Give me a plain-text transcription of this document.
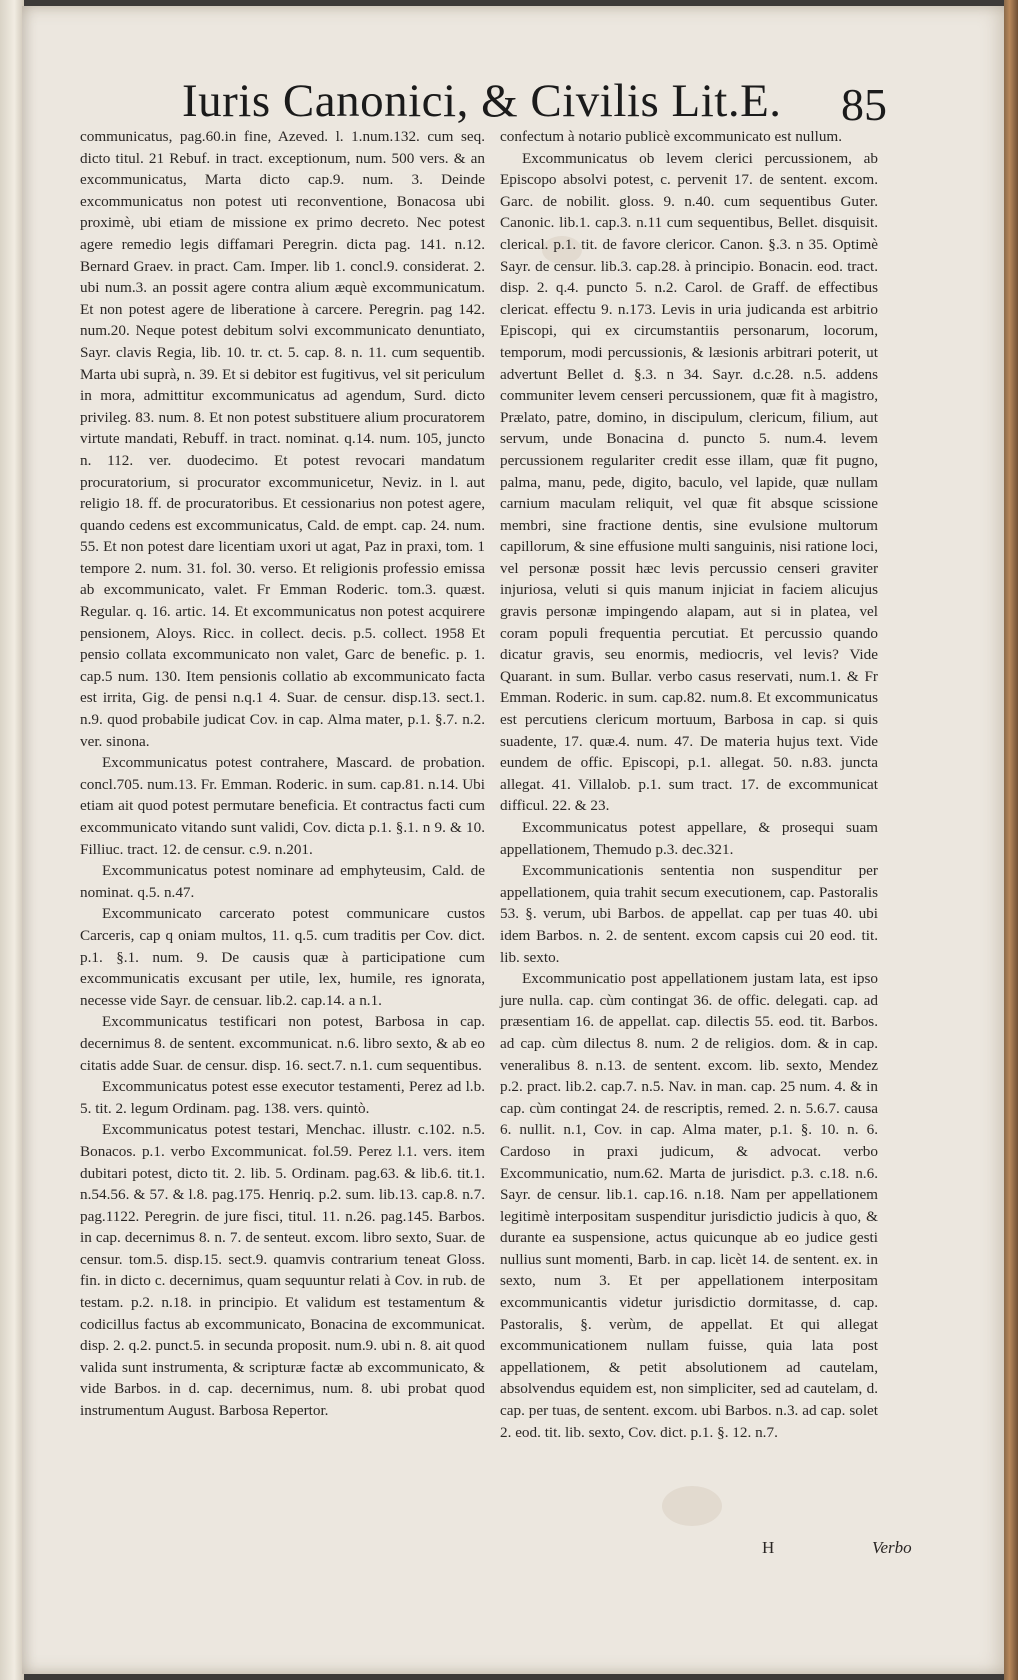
Iuris Canonici, & Civilis Lit.E. 85

communicatus, pag.60.in fine, Azeved. l. 1.num.132. cum seq. dicto titul. 21 Rebuf. in tract. exceptionum, num. 500 vers. & an excommunicatus, Marta dicto cap.9. num. 3. Deinde excommunicatus non potest uti reconventione, Bonacosa ubi proximè, ubi etiam de missione ex primo decreto. Nec potest agere remedio legis diffamari Peregrin. dicta pag. 141. n.12. Bernard Graev. in pract. Cam. Imper. lib 1. concl.9. considerat. 2. ubi num.3. an possit agere contra alium æquè excommunicatum. Et non potest agere de liberatione à carcere. Peregrin. pag 142. num.20. Neque potest debitum solvi excommunicato denuntiato, Sayr. clavis Regia, lib. 10. tr. ct. 5. cap. 8. n. 11. cum sequentib. Marta ubi suprà, n. 39. Et si debitor est fugitivus, vel sit periculum in mora, admittitur excommunicatus ad agendum, Surd. dicto privileg. 83. num. 8. Et non potest substituere alium procuratorem virtute mandati, Rebuff. in tract. nominat. q.14. num. 105, juncto n. 112. ver. duodecimo. Et potest revocari mandatum procuratorium, si procurator excommunicetur, Neviz. in l. aut religio 18. ff. de procuratoribus. Et cessionarius non potest agere, quando cedens est excommunicatus, Cald. de empt. cap. 24. num. 55. Et non potest dare licentiam uxori ut agat, Paz in praxi, tom. 1 tempore 2. num. 31. fol. 30. verso. Et religionis professio emissa ab excommunicato, valet. Fr Emman Roderic. tom.3. quæst. Regular. q. 16. artic. 14. Et excommunicatus non potest acquirere pensionem, Aloys. Ricc. in collect. decis. p.5. collect. 1958 Et pensio collata excommunicato non valet, Garc de benefic. p. 1. cap.5 num. 130. Item pensionis collatio ab excommunicato facta est irrita, Gig. de pensi n.q.1 4. Suar. de censur. disp.13. sect.1. n.9. quod probabile judicat Cov. in cap. Alma mater, p.1. §.7. n.2. ver. sinona.

Excommunicatus potest contrahere, Mascard. de probation. concl.705. num.13. Fr. Emman. Roderic. in sum. cap.81. n.14. Ubi etiam ait quod potest permutare beneficia. Et contractus facti cum excommunicato vitando sunt validi, Cov. dicta p.1. §.1. n 9. & 10. Filliuc. tract. 12. de censur. c.9. n.201.

Excommunicatus potest nominare ad emphyteusim, Cald. de nominat. q.5. n.47.

Excommunicato carcerato potest communicare custos Carceris, cap q oniam multos, 11. q.5. cum traditis per Cov. dict. p.1. §.1. num. 9. De causis quæ à participatione cum excommunicatis excusant per utile, lex, humile, res ignorata, necesse vide Sayr. de censuar. lib.2. cap.14. a n.1.

Excommunicatus testificari non potest, Barbosa in cap. decernimus 8. de sentent. excommunicat. n.6. libro sexto, & ab eo citatis adde Suar. de censur. disp. 16. sect.7. n.1. cum sequentibus.

Excommunicatus potest esse executor testamenti, Perez ad l.b. 5. tit. 2. legum Ordinam. pag. 138. vers. quintò.

Excommunicatus potest testari, Menchac. illustr. c.102. n.5. Bonacos. p.1. verbo Excommunicat. fol.59. Perez l.1. vers. item dubitari potest, dicto tit. 2. lib. 5. Ordinam. pag.63. & lib.6. tit.1. n.54.56. & 57. & l.8. pag.175. Henriq. p.2. sum. lib.13. cap.8. n.7. pag.1122. Peregrin. de jure fisci, titul. 11. n.26. pag.145. Barbos. in cap. decernimus 8. n. 7. de senteut. excom. libro sexto, Suar. de censur. tom.5. disp.15. sect.9. quamvis contrarium teneat Gloss. fin. in dicto c. decernimus, quam sequuntur relati à Cov. in rub. de testam. p.2. n.18. in principio. Et validum est testamentum & codicillus factus ab excommunicato, Bonacina de excommunicat. disp. 2. q.2. punct.5. in secunda proposit. num.9. ubi n. 8. ait quod valida sunt instrumenta, & scripturæ factæ ab excommunicato, & vide Barbos. in d. cap. decernimus, num. 8. ubi probat quod instrumentum August. Barbosa Repertor.

confectum à notario publicè excommunicato est nullum.

Excommunicatus ob levem clerici percussionem, ab Episcopo absolvi potest, c. pervenit 17. de sentent. excom. Garc. de nobilit. gloss. 9. n.40. cum sequentibus Guter. Canonic. lib.1. cap.3. n.11 cum sequentibus, Bellet. disquisit. clerical. p.1. tit. de favore clericor. Canon. §.3. n 35. Optimè Sayr. de censur. lib.3. cap.28. à principio. Bonacin. eod. tract. disp. 2. q.4. puncto 5. n.2. Carol. de Graff. de effectibus clericat. effectu 9. n.173. Levis in uria judicanda est arbitrio Episcopi, qui ex circumstantiis personarum, locorum, temporum, modi percussionis, & læsionis arbitrari poterit, ut advertunt Bellet d. §.3. n 34. Sayr. d.c.28. n.5. addens communiter levem censeri percussionem, quæ fit à magistro, Prælato, patre, domino, in discipulum, clericum, filium, aut servum, unde Bonacina d. puncto 5. num.4. levem percussionem regulariter credit esse illam, quæ fit pugno, palma, manu, pede, digito, baculo, vel lapide, quæ nullam carnium maculam reliquit, vel quæ fit absque scissione membri, sine fractione dentis, sine evulsione multorum capillorum, & sine effusione multi sanguinis, nisi ratione loci, vel personæ possit hæc levis percussio censeri graviter injuriosa, veluti si quis manum injiciat in faciem alicujus gravis personæ impingendo alapam, aut si in platea, vel coram populi frequentia percutiat. Et percussio quando dicatur gravis, seu enormis, mediocris, vel levis? Vide Quarant. in sum. Bullar. verbo casus reservati, num.1. & Fr Emman. Roderic. in sum. cap.82. num.8. Et excommunicatus est percutiens clericum mortuum, Barbosa in cap. si quis suadente, 17. quæ.4. num. 47. De materia hujus text. Vide eundem de offic. Episcopi, p.1. allegat. 50. n.83. juncta allegat. 41. Villalob. p.1. sum tract. 17. de excommunicat difficul. 22. & 23.

Excommunicatus potest appellare, & prosequi suam appellationem, Themudo p.3. dec.321.

Excommunicationis sententia non suspenditur per appellationem, quia trahit secum executionem, cap. Pastoralis 53. §. verum, ubi Barbos. de appellat. cap per tuas 40. ubi idem Barbos. n. 2. de sentent. excom capsis cui 20 eod. tit. lib. sexto.

Excommunicatio post appellationem justam lata, est ipso jure nulla. cap. cùm contingat 36. de offic. delegati. cap. ad præsentiam 16. de appellat. cap. dilectis 55. eod. tit. Barbos. ad cap. cùm dilectus 8. num. 2 de religios. dom. & in cap. veneralibus 8. n.13. de sentent. excom. lib. sexto, Mendez p.2. pract. lib.2. cap.7. n.5. Nav. in man. cap. 25 num. 4. & in cap. cùm contingat 24. de rescriptis, remed. 2. n. 5.6.7. causa 6. nullit. n.1, Cov. in cap. Alma mater, p.1. §. 10. n. 6. Cardoso in praxi judicum, & advocat. verbo Excommunicatio, num.62. Marta de jurisdict. p.3. c.18. n.6. Sayr. de censur. lib.1. cap.16. n.18. Nam per appellationem legitimè interpositam suspenditur jurisdictio judicis à quo, & durante ea suspensione, actus quicunque ab eo judice gesti nullius sunt momenti, Barb. in cap. licèt 14. de sentent. ex. in sexto, num 3. Et per appellationem interpositam excommunicantis videtur jurisdictio dormitasse, d. cap. Pastoralis, §. verùm, de appellat. Et qui allegat excommunicationem nullam fuisse, quia lata post appellationem, & petit absolutionem ad cautelam, absolvendus equidem est, non simpliciter, sed ad cautelam, d. cap. per tuas, de sentent. excom. ubi Barbos. n.3. ad cap. solet 2. eod. tit. lib. sexto, Cov. dict. p.1. §. 12. n.7.

H	Verbo
